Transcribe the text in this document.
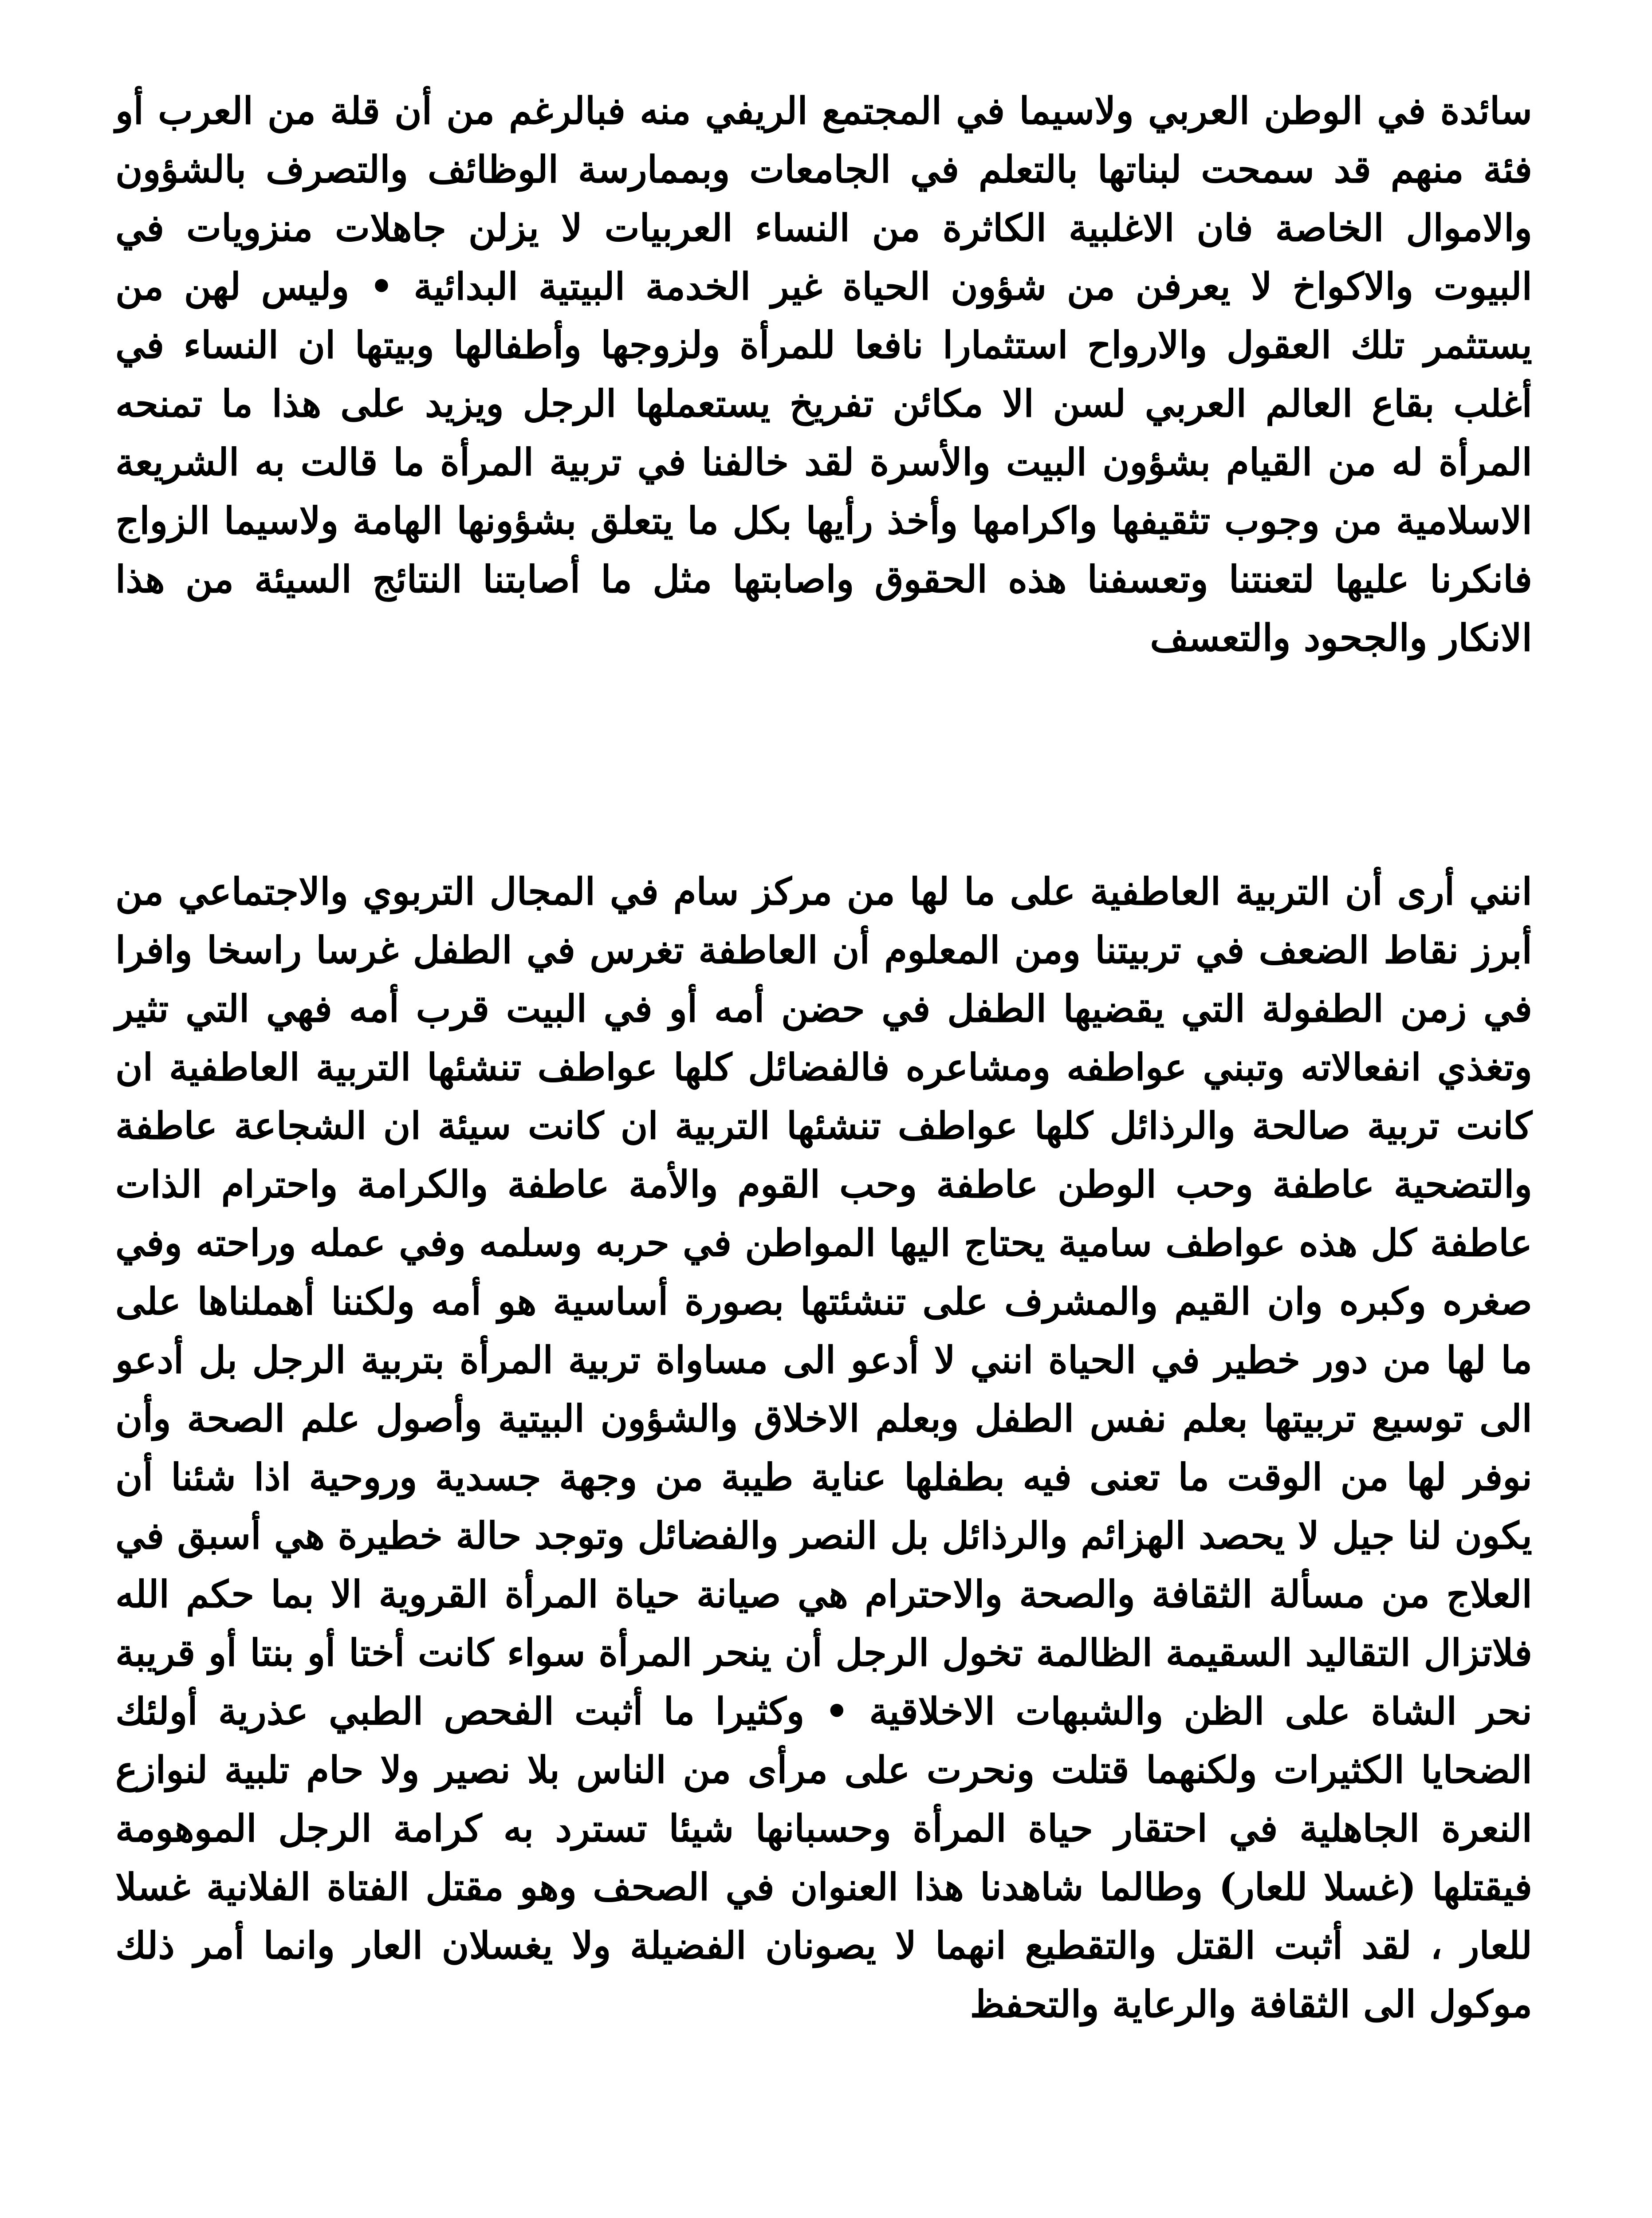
سائدة في الوطن العربي ولاسيما في المجتمع الريفي منه فبالرغم من أن قلة من العرب أو فئة منهم قد سمحت لبناتها بالتعلم في الجامعات وبممارسة الوظائف والتصرف بالشؤون والاموال الخاصة فان الاغلبية الكاثرة من النساء العربيات لا يزلن جاهلات منزويات في البيوت والاكواخ لا يعرفن من شؤون الحياة غير الخدمة البيتية البدائية • وليس لهن من يستثمر تلك العقول والارواح استثمارا نافعا للمرأة ولزوجها وأطفالها وبيتها ان النساء في أغلب بقاع العالم العربي لسن الا مكائن تفريخ يستعملها الرجل ويزيد على هذا ما تمنحه المرأة له من القيام بشؤون البيت والأسرة لقد خالفنا في تربية المرأة ما قالت به الشريعة الاسلامية من وجوب تثقيفها واكرامها وأخذ رأيها بكل ما يتعلق بشؤونها الهامة ولاسيما الزواج فانكرنا عليها لتعنتنا وتعسفنا هذه الحقوق واصابتها مثل ما أصابتنا النتائج السيئة من هذا الانكار والجحود والتعسف

انني أرى أن التربية العاطفية على ما لها من مركز سام في المجال التربوي والاجتماعي من أبرز نقاط الضعف في تربيتنا ومن المعلوم أن العاطفة تغرس في الطفل غرسا راسخا وافرا في زمن الطفولة التي يقضيها الطفل في حضن أمه أو في البيت قرب أمه فهي التي تثير وتغذي انفعالاته وتبني عواطفه ومشاعره فالفضائل كلها عواطف تنشئها التربية العاطفية ان كانت تربية صالحة والرذائل كلها عواطف تنشئها التربية ان كانت سيئة ان الشجاعة عاطفة والتضحية عاطفة وحب الوطن عاطفة وحب القوم والأمة عاطفة والكرامة واحترام الذات عاطفة كل هذه عواطف سامية يحتاج اليها المواطن في حربه وسلمه وفي عمله وراحته وفي صغره وكبره وان القيم والمشرف على تنشئتها بصورة أساسية هو أمه ولكننا أهملناها على ما لها من دور خطير في الحياة انني لا أدعو الى مساواة تربية المرأة بتربية الرجل بل أدعو الى توسيع تربيتها بعلم نفس الطفل وبعلم الاخلاق والشؤون البيتية وأصول علم الصحة وأن نوفر لها من الوقت ما تعنى فيه بطفلها عناية طيبة من وجهة جسدية وروحية اذا شئنا أن يكون لنا جيل لا يحصد الهزائم والرذائل بل النصر والفضائل وتوجد حالة خطيرة هي أسبق في العلاج من مسألة الثقافة والصحة والاحترام هي صيانة حياة المرأة القروية الا بما حكم الله فلاتزال التقاليد السقيمة الظالمة تخول الرجل أن ينحر المرأة سواء كانت أختا أو بنتا أو قريبة نحر الشاة على الظن والشبهات الاخلاقية • وكثيرا ما أثبت الفحص الطبي عذرية أولئك الضحايا الكثيرات ولكنهما قتلت ونحرت على مرأى من الناس بلا نصير ولا حام تلبية لنوازع النعرة الجاهلية في احتقار حياة المرأة وحسبانها شيئا تسترد به كرامة الرجل الموهومة فيقتلها (غسلا للعار) وطالما شاهدنا هذا العنوان في الصحف وهو مقتل الفتاة الفلانية غسلا للعار ، لقد أثبت القتل والتقطيع انهما لا يصونان الفضيلة ولا يغسلان العار وانما أمر ذلك موكول الى الثقافة والرعاية والتحفظ
